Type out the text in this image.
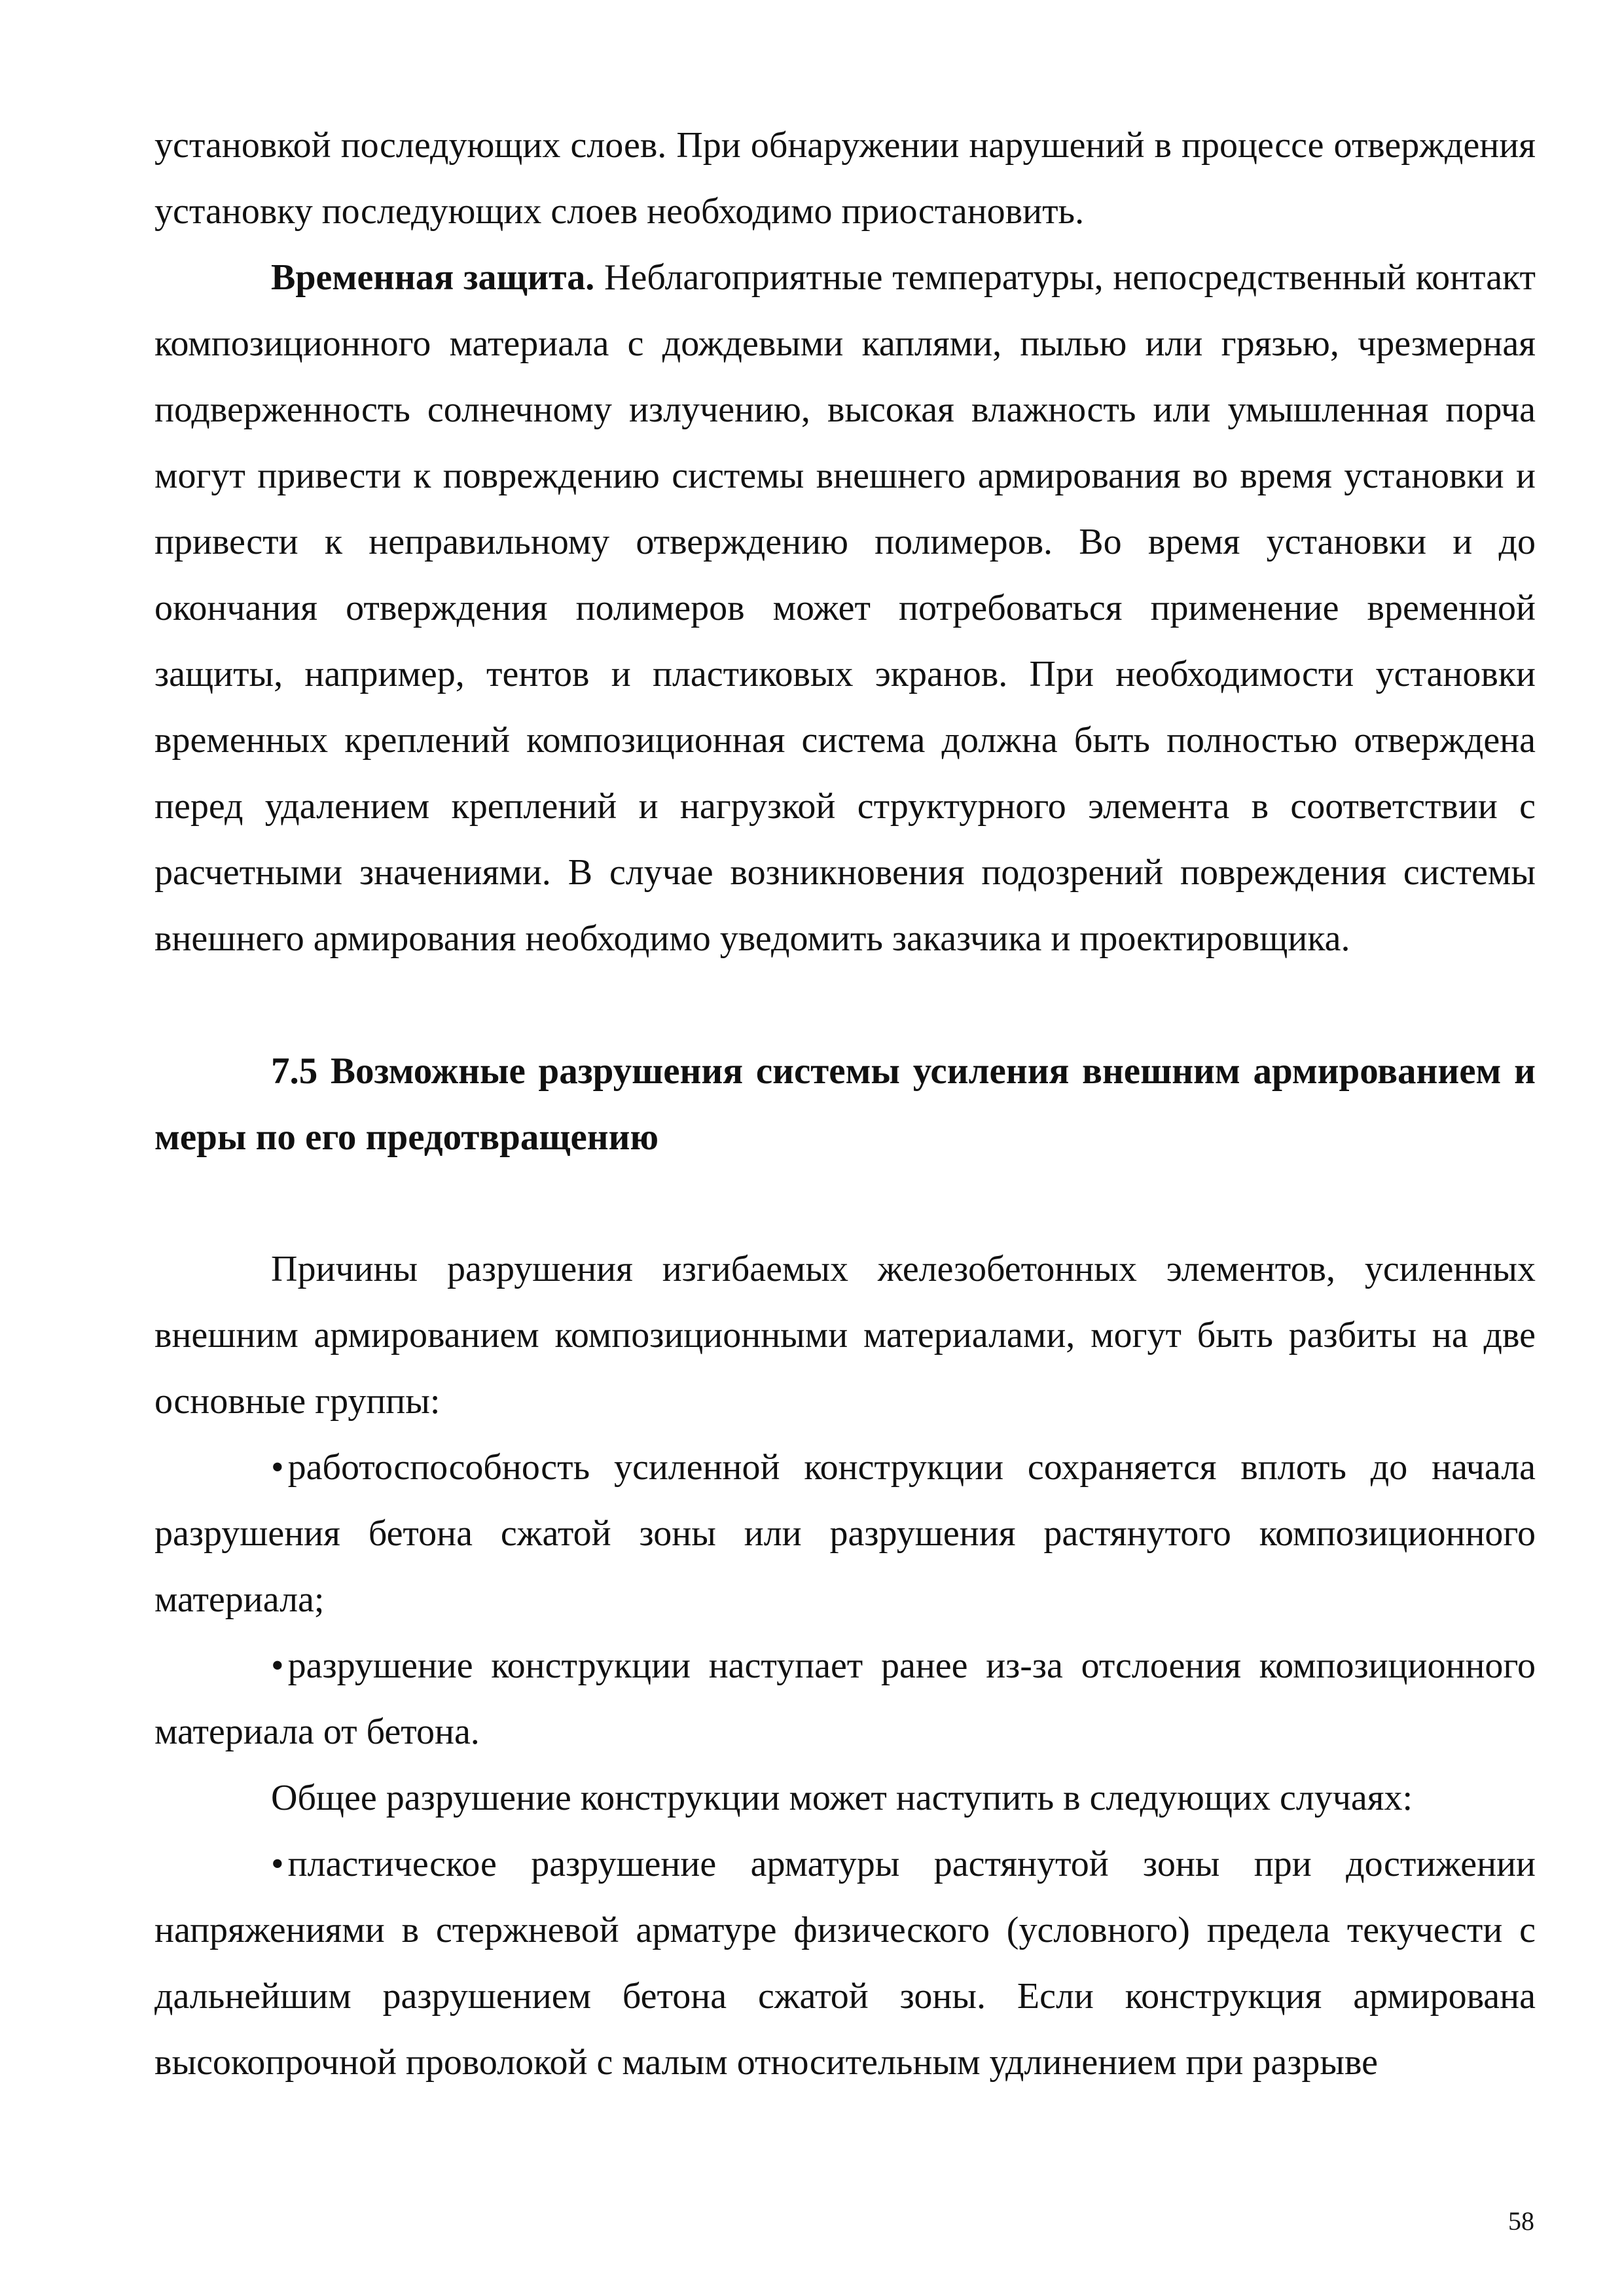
установкой последующих слоев. При обнаружении нарушений в процессе отверждения установку последующих слоев необходимо приостановить.

Временная защита. Неблагоприятные температуры, непосредственный контакт композиционного материала с дождевыми каплями, пылью или грязью, чрезмерная подверженность солнечному излучению, высокая влажность или умышленная порча могут привести к повреждению системы внешнего армирования во время установки и привести к неправильному отверждению полимеров. Во время установки и до окончания отверждения полимеров может потребоваться применение временной защиты, например, тентов и пластиковых экранов. При необходимости установки временных креплений композиционная система должна быть полностью отверждена перед удалением креплений и нагрузкой структурного элемента в соответствии с расчетными значениями. В случае возникновения подозрений повреждения системы внешнего армирования необходимо уведомить заказчика и проектировщика.

7.5 Возможные разрушения системы усиления внешним армированием и меры по его предотвращению

Причины разрушения изгибаемых железобетонных элементов, усиленных внешним армированием композиционными материалами, могут быть разбиты на две основные группы:

• работоспособность усиленной конструкции сохраняется вплоть до начала разрушения бетона сжатой зоны или разрушения растянутого композиционного материала;

• разрушение конструкции наступает ранее из-за отслоения композиционного материала от бетона.

Общее разрушение конструкции может наступить в следующих случаях:

• пластическое разрушение арматуры растянутой зоны при достижении напряжениями в стержневой арматуре физического (условного) предела текучести с дальнейшим разрушением бетона сжатой зоны. Если конструкция армирована высокопрочной проволокой с малым относительным удлинением при разрыве

58
